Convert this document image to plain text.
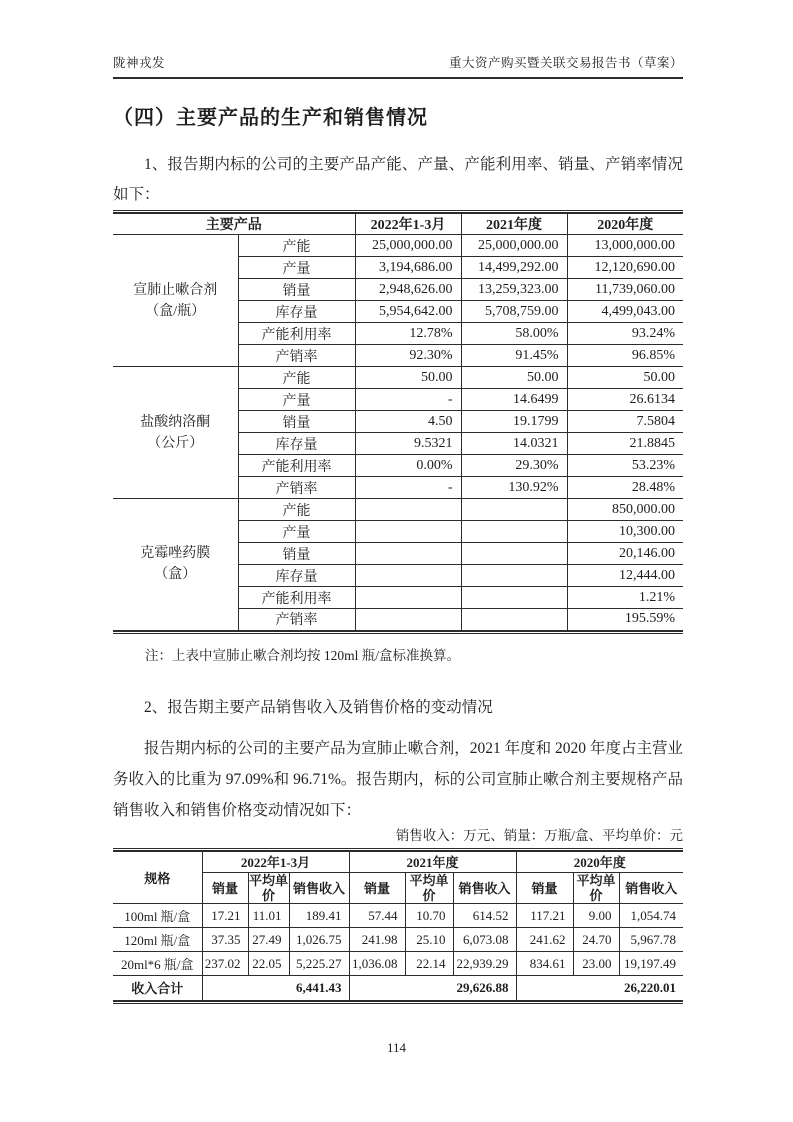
陇神戎发	重大资产购买暨关联交易报告书（草案）
（四）主要产品的生产和销售情况
1、报告期内标的公司的主要产品产能、产量、产能利用率、销量、产销率情况如下：
主要产品		2022年1-3月	2021年度	2020年度

宣肺止嗽合剂
（盒/瓶）	产能	25,000,000.00	25,000,000.00	13,000,000.00
	产量	3,194,686.00	14,499,292.00	12,120,690.00
	销量	2,948,626.00	13,259,323.00	11,739,060.00
	库存量	5,954,642.00	5,708,759.00	4,499,043.00
	产能利用率	12.78%	58.00%	93.24%
	产销率	92.30%	91.45%	96.85%

盐酸纳洛酮
（公斤）	产能	50.00	50.00	50.00
	产量	-	14.6499	26.6134
	销量	4.50	19.1799	7.5804
	库存量	9.5321	14.0321	21.8845
	产能利用率	0.00%	29.30%	53.23%
	产销率	-	130.92%	28.48%

克霉唑药膜
（盒）	产能			850,000.00
	产量			10,300.00
	销量			20,146.00
	库存量			12,444.00
	产能利用率			1.21%
	产销率			195.59%
注：上表中宣肺止嗽合剂均按 120ml 瓶/盒标准换算。
2、报告期主要产品销售收入及销售价格的变动情况
报告期内标的公司的主要产品为宣肺止嗽合剂，2021 年度和 2020 年度占主营业务收入的比重为 97.09%和 96.71%。报告期内，标的公司宣肺止嗽合剂主要规格产品销售收入和销售价格变动情况如下：
销售收入：万元、销量：万瓶/盒、平均单价：元
规格	2022年1-3月			2021年度			2020年度		
	销量	平均单价	销售收入	销量	平均单价	销售收入	销量	平均单价	销售收入
100ml 瓶/盒	17.21	11.01	189.41	57.44	10.70	614.52	117.21	9.00	1,054.74
120ml 瓶/盒	37.35	27.49	1,026.75	241.98	25.10	6,073.08	241.62	24.70	5,967.78
20ml*6 瓶/盒	237.02	22.05	5,225.27	1,036.08	22.14	22,939.29	834.61	23.00	19,197.49
收入合计	6,441.43			29,626.88			26,220.01		
114
